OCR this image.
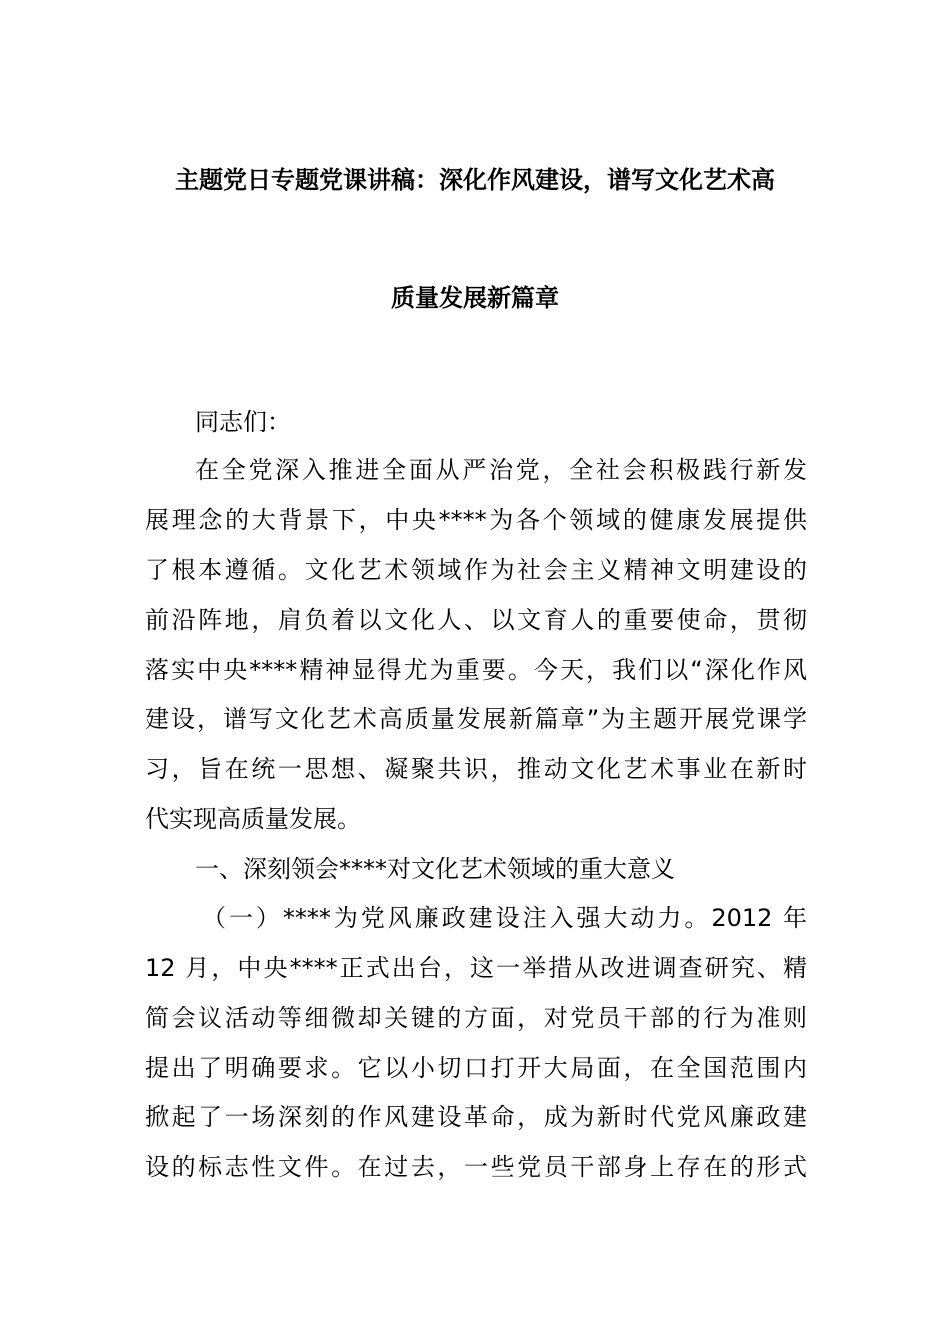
主题党日专题党课讲稿：深化作风建设，谱写文化艺术高
质量发展新篇章
同志们：
在全党深入推进全面从严治党，全社会积极践行新发
展理念的大背景下，中央****为各个领域的健康发展提供
了根本遵循。文化艺术领域作为社会主义精神文明建设的
前沿阵地，肩负着以文化人、以文育人的重要使命，贯彻
落实中央****精神显得尤为重要。今天，我们以“深化作风
建设，谱写文化艺术高质量发展新篇章”为主题开展党课学
习，旨在统一思想、凝聚共识，推动文化艺术事业在新时
代实现高质量发展。
一、深刻领会****对文化艺术领域的重大意义
（一）****为党风廉政建设注入强大动力。2012 年
12 月，中央****正式出台，这一举措从改进调查研究、精
简会议活动等细微却关键的方面，对党员干部的行为准则
提出了明确要求。它以小切口打开大局面，在全国范围内
掀起了一场深刻的作风建设革命，成为新时代党风廉政建
设的标志性文件。在过去，一些党员干部身上存在的形式
